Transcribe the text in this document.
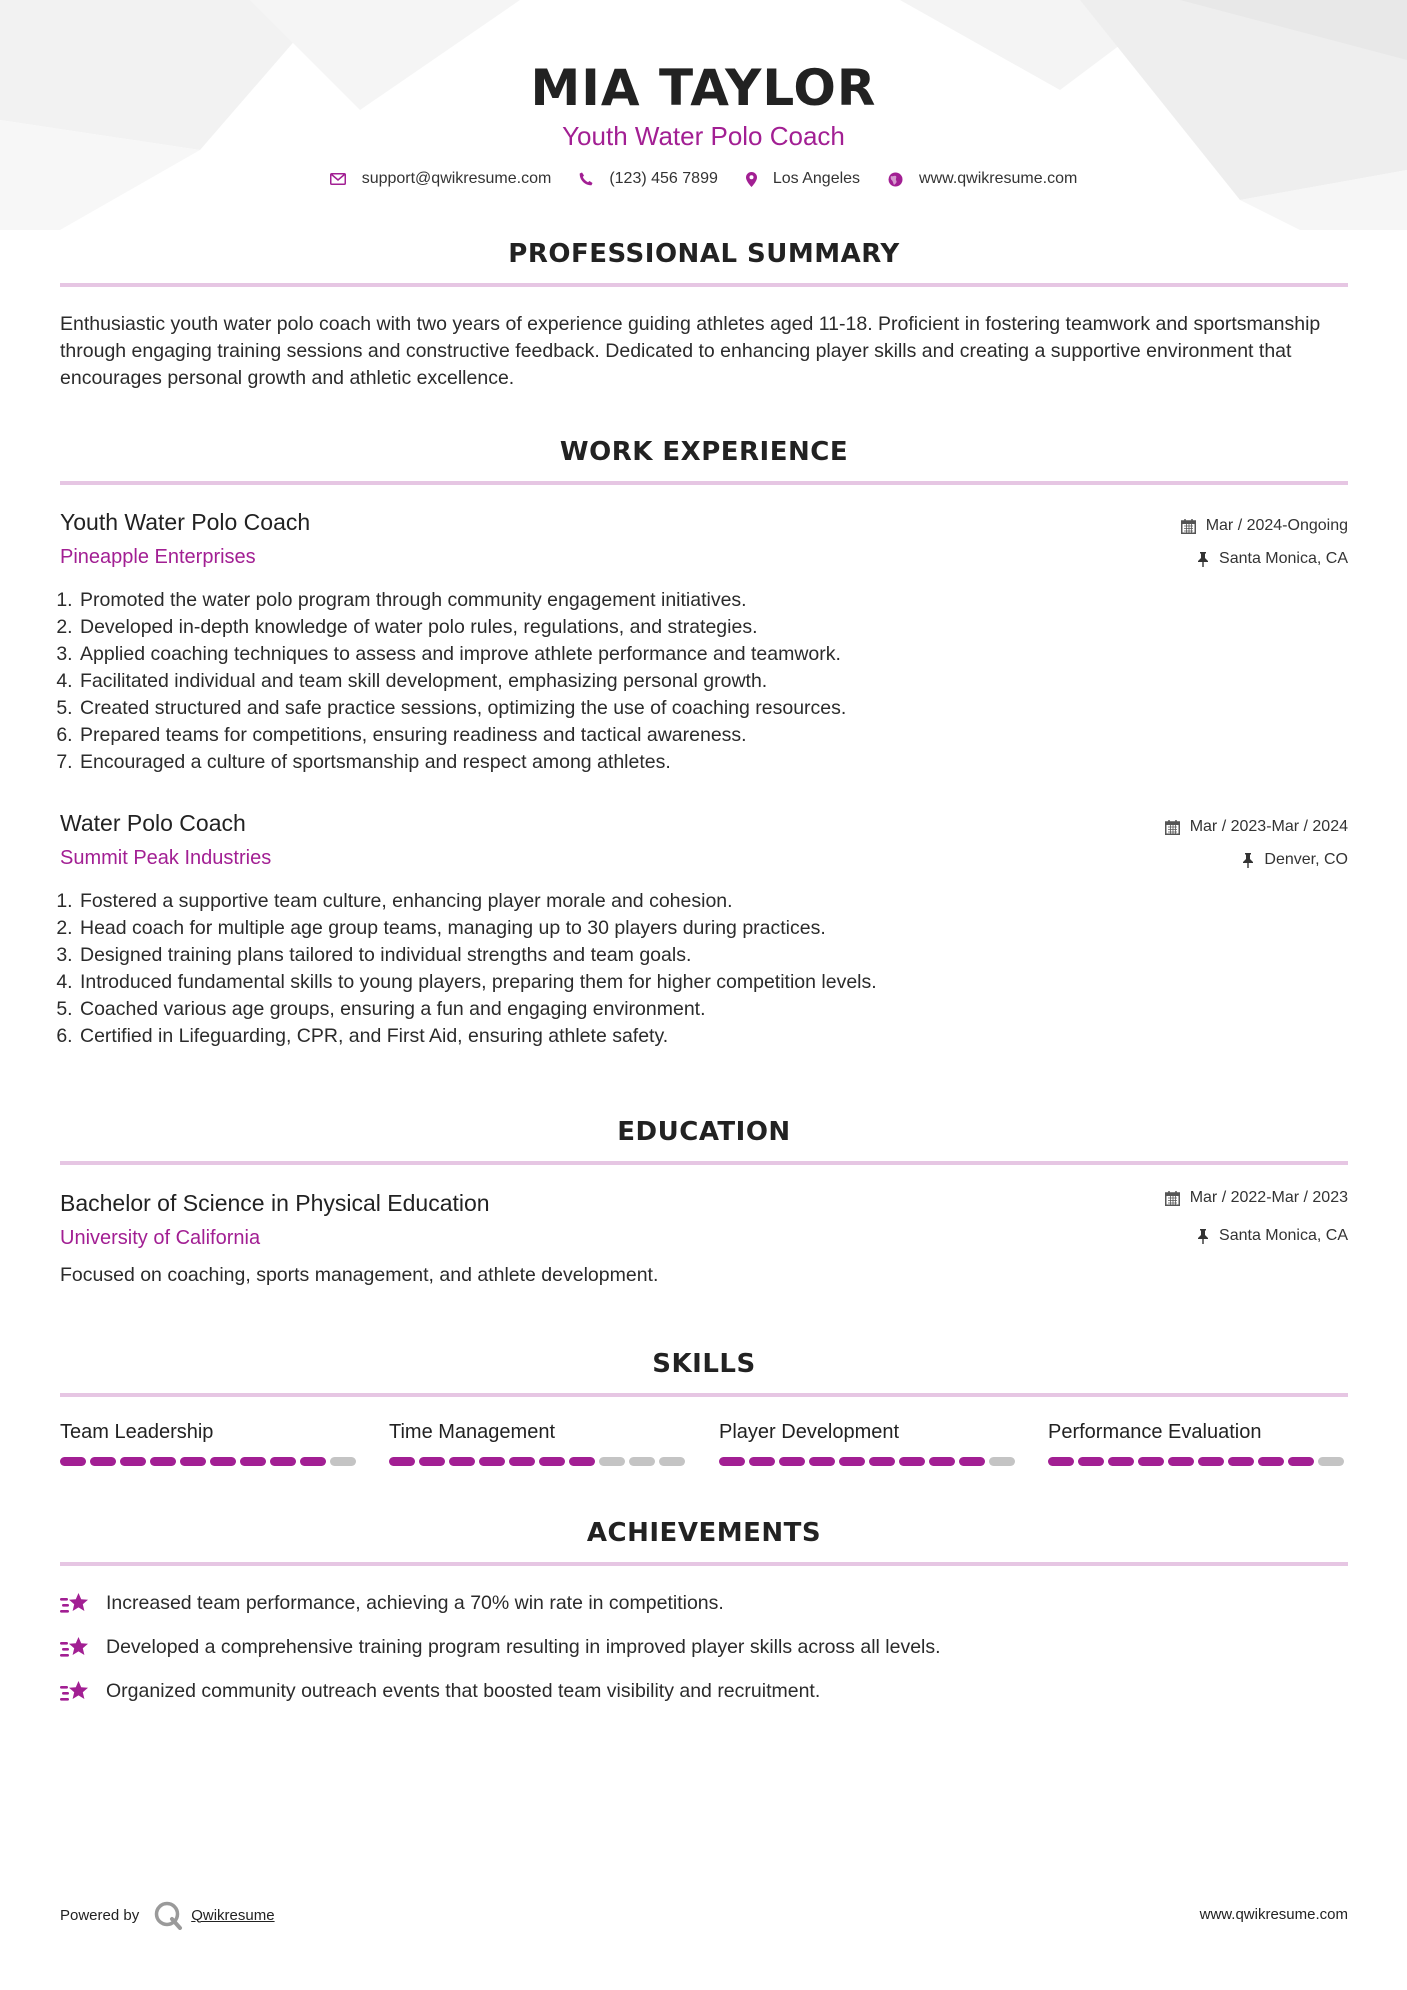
MIA TAYLOR
Youth Water Polo Coach
support@qwikresume.com	(123) 456 7899	Los Angeles	www.qwikresume.com
PROFESSIONAL SUMMARY
Enthusiastic youth water polo coach with two years of experience guiding athletes aged 11-18. Proficient in fostering teamwork and sportsmanship through engaging training sessions and constructive feedback. Dedicated to enhancing player skills and creating a supportive environment that encourages personal growth and athletic excellence.
WORK EXPERIENCE
Youth Water Polo Coach
Pineapple Enterprises
Mar / 2024-Ongoing
Santa Monica, CA
1. Promoted the water polo program through community engagement initiatives.
2. Developed in-depth knowledge of water polo rules, regulations, and strategies.
3. Applied coaching techniques to assess and improve athlete performance and teamwork.
4. Facilitated individual and team skill development, emphasizing personal growth.
5. Created structured and safe practice sessions, optimizing the use of coaching resources.
6. Prepared teams for competitions, ensuring readiness and tactical awareness.
7. Encouraged a culture of sportsmanship and respect among athletes.
Water Polo Coach
Summit Peak Industries
Mar / 2023-Mar / 2024
Denver, CO
1. Fostered a supportive team culture, enhancing player morale and cohesion.
2. Head coach for multiple age group teams, managing up to 30 players during practices.
3. Designed training plans tailored to individual strengths and team goals.
4. Introduced fundamental skills to young players, preparing them for higher competition levels.
5. Coached various age groups, ensuring a fun and engaging environment.
6. Certified in Lifeguarding, CPR, and First Aid, ensuring athlete safety.
EDUCATION
Bachelor of Science in Physical Education
University of California
Mar / 2022-Mar / 2023
Santa Monica, CA
Focused on coaching, sports management, and athlete development.
SKILLS
Team Leadership	Time Management	Player Development	Performance Evaluation
ACHIEVEMENTS
Increased team performance, achieving a 70% win rate in competitions.
Developed a comprehensive training program resulting in improved player skills across all levels.
Organized community outreach events that boosted team visibility and recruitment.
Powered by	Qwikresume	www.qwikresume.com
